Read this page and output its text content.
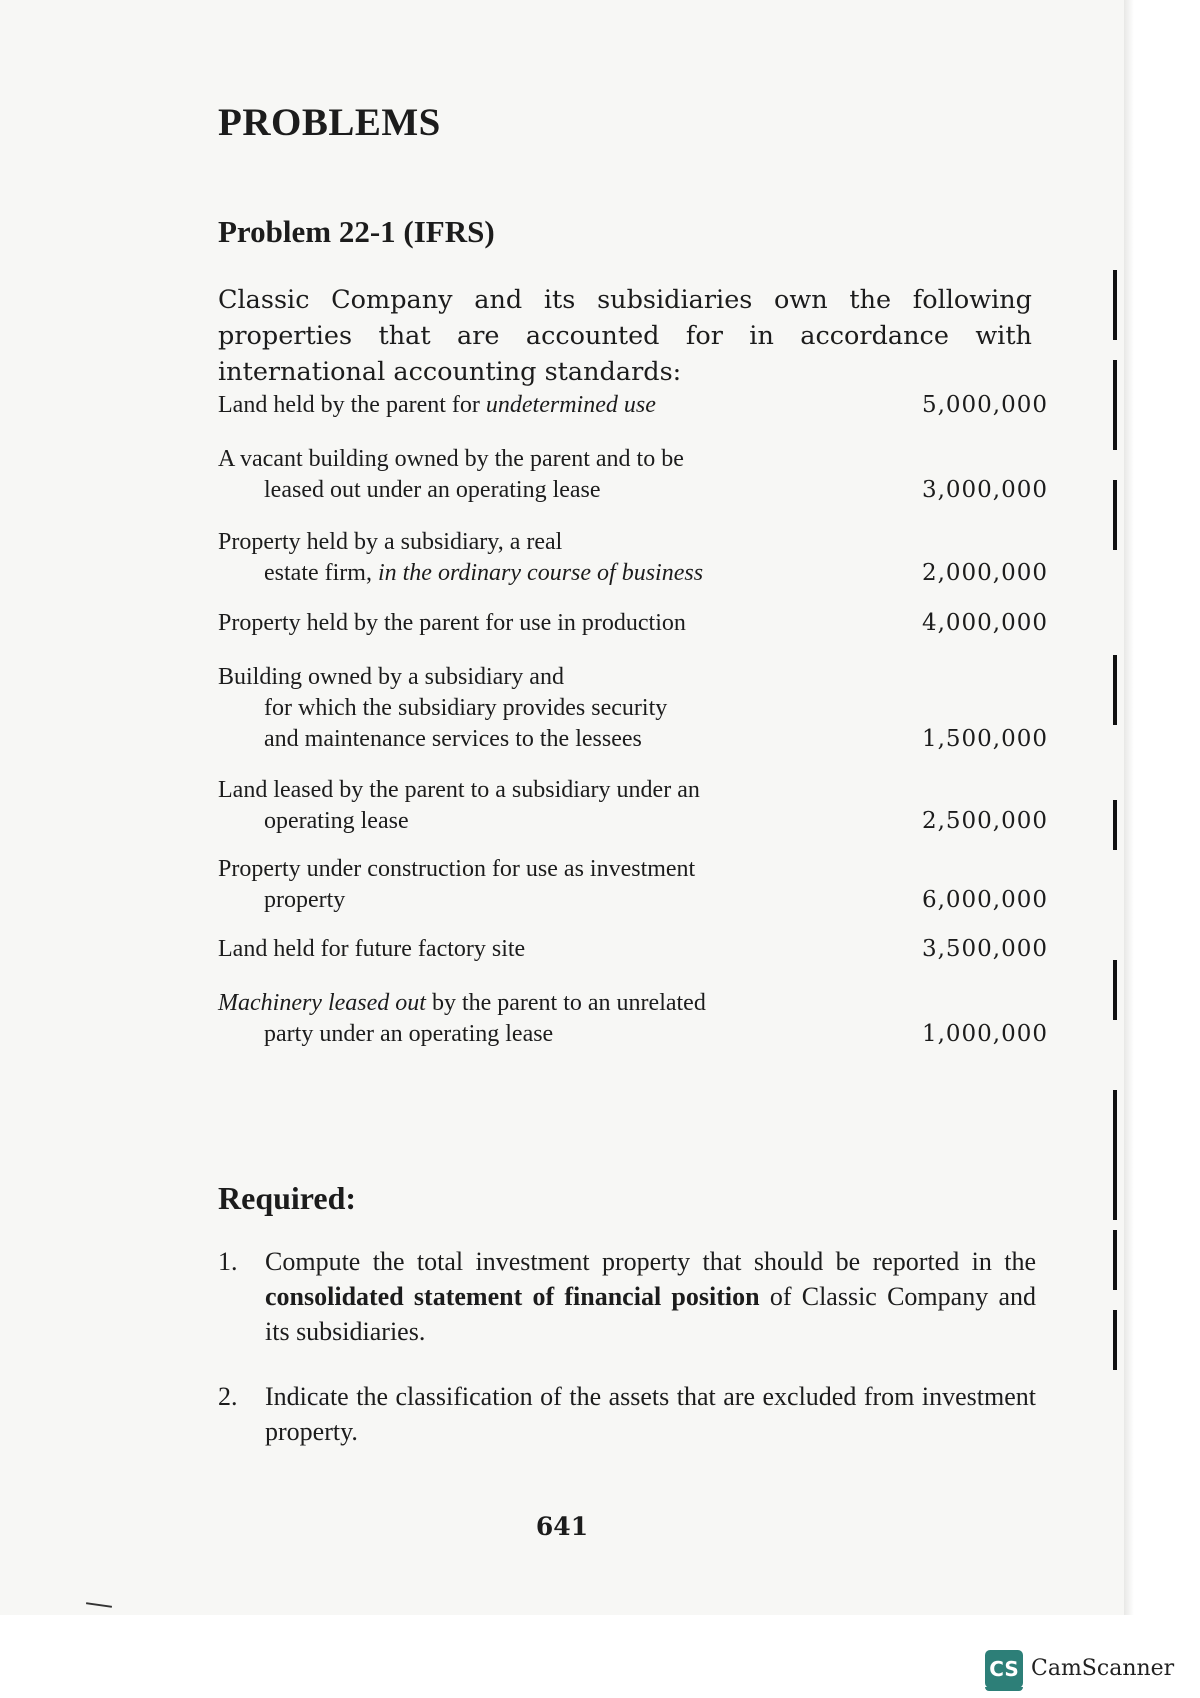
PROBLEMS
Problem 22-1 (IFRS)

Classic Company and its subsidiaries own the following properties that are accounted for in accordance with international accounting standards:

Land held by the parent for undetermined use	5,000,000
A vacant building owned by the parent and to be
leased out under an operating lease	3,000,000
Property held by a subsidiary, a real
estate firm, in the ordinary course of business	2,000,000
Property held by the parent for use in production	4,000,000
Building owned by a subsidiary and
for which the subsidiary provides security
and maintenance services to the lessees	1,500,000
Land leased by the parent to a subsidiary under an
operating lease	2,500,000
Property under construction for use as investment
property	6,000,000
Land held for future factory site	3,500,000
Machinery leased out by the parent to an unrelated
party under an operating lease	1,000,000
Required:
1. Compute the total investment property that should be reported in the consolidated statement of financial position of Classic Company and its subsidiaries.
2. Indicate the classification of the assets that are excluded from investment property.
641
CS CamScanner
